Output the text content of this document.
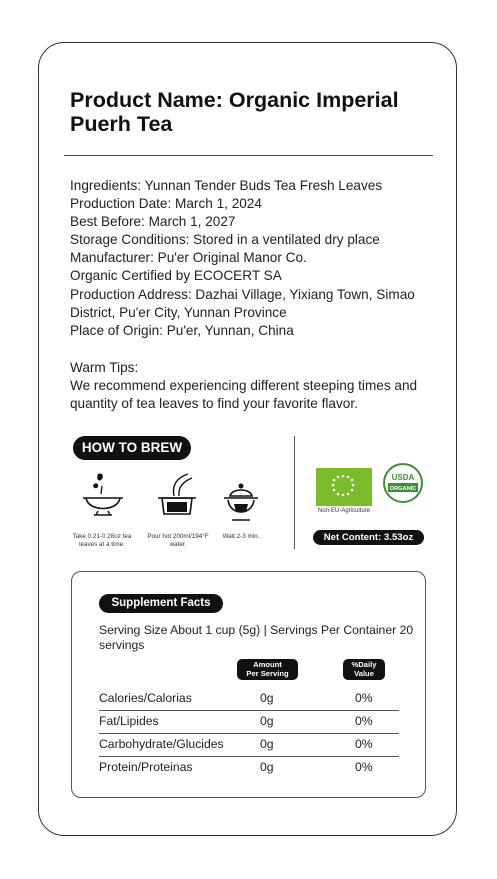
Product Name: Organic Imperial Puerh Tea
Ingredients: Yunnan Tender Buds Tea Fresh Leaves
Production Date: March 1, 2024
Best Before: March 1, 2027
Storage Conditions: Stored in a ventilated dry place
Manufacturer: Pu'er Original Manor Co.
Organic Certified by ECOCERT SA
Production Address: Dazhai Village, Yixiang Town, Simao District, Pu'er City, Yunnan Province
Place of Origin: Pu'er, Yunnan, China
Warm Tips:
We recommend experiencing different steeping times and quantity of tea leaves to find your favorite flavor.
HOW TO BREW
Take 0.21-0.28oz tea leaves at a time.
Pour hot 200ml/194°F water.
Wait 2-3 min.
Non-EU-Agriculture
USDA
ORGANIC
Net Content: 3.53oz
Supplement Facts
Serving Size About 1 cup (5g) | Servings Per Container 20 servings
Amount
Per Serving
%Daily
Value
Calories/Calorias	0g	0%
Fat/Lipides	0g	0%
Carbohydrate/Glucides	0g	0%
Protein/Proteinas	0g	0%
